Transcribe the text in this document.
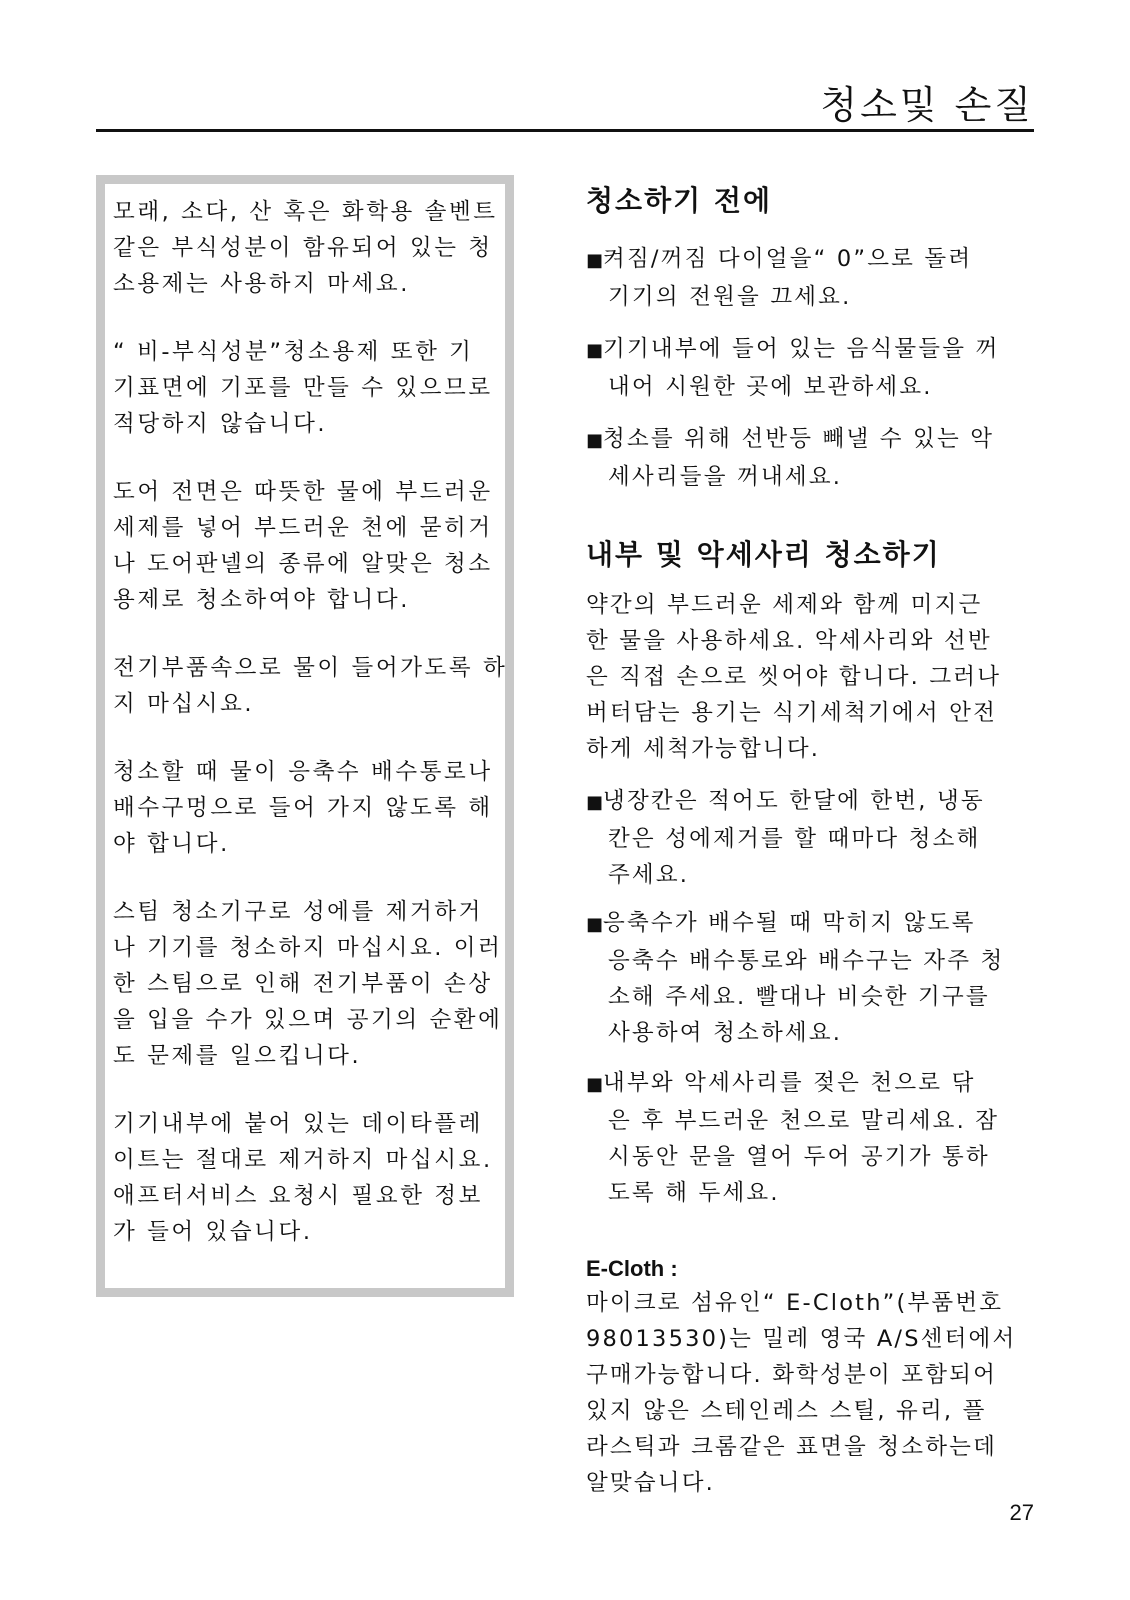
청소및 손질

모래, 소다, 산 혹은 화학용 솔벤트
같은 부식성분이 함유되어 있는 청
소용제는 사용하지 마세요.

“ 비-부식성분”청소용제 또한 기
기표면에 기포를 만들 수 있으므로
적당하지 않습니다.

도어 전면은 따뜻한 물에 부드러운
세제를 넣어 부드러운 천에 묻히거
나 도어판넬의 종류에 알맞은 청소
용제로 청소하여야 합니다.

전기부품속으로 물이 들어가도록 하
지 마십시요.

청소할 때 물이 응축수 배수통로나
배수구멍으로 들어 가지 않도록 해
야 합니다.

스팀 청소기구로 성에를 제거하거
나 기기를 청소하지 마십시요. 이러
한 스팀으로 인해 전기부품이 손상
을 입을 수가 있으며 공기의 순환에
도 문제를 일으킵니다.

기기내부에 붙어 있는 데이타플레
이트는 절대로 제거하지 마십시요.
애프터서비스 요청시 필요한 정보
가 들어 있습니다.

청소하기 전에

■켜짐/꺼짐 다이얼을“ 0”으로 돌려
기기의 전원을 끄세요.

■기기내부에 들어 있는 음식물들을 꺼
내어 시원한 곳에 보관하세요.

■청소를 위해 선반등 빼낼 수 있는 악
세사리들을 꺼내세요.

내부 및 악세사리 청소하기

약간의 부드러운 세제와 함께 미지근
한 물을 사용하세요. 악세사리와 선반
은 직접 손으로 씻어야 합니다. 그러나
버터담는 용기는 식기세척기에서 안전
하게 세척가능합니다.

■냉장칸은 적어도 한달에 한번, 냉동
칸은 성에제거를 할 때마다 청소해
주세요.

■응축수가 배수될 때 막히지 않도록
응축수 배수통로와 배수구는 자주 청
소해 주세요. 빨대나 비슷한 기구를
사용하여 청소하세요.

■내부와 악세사리를 젖은 천으로 닦
은 후 부드러운 천으로 말리세요. 잠
시동안 문을 열어 두어 공기가 통하
도록 해 두세요.

E-Cloth :

마이크로 섬유인“ E-Cloth”(부품번호
98013530)는 밀레 영국 A/S센터에서
구매가능합니다. 화학성분이 포함되어
있지 않은 스테인레스 스틸, 유리, 플
라스틱과 크롬같은 표면을 청소하는데
알맞습니다.

27
